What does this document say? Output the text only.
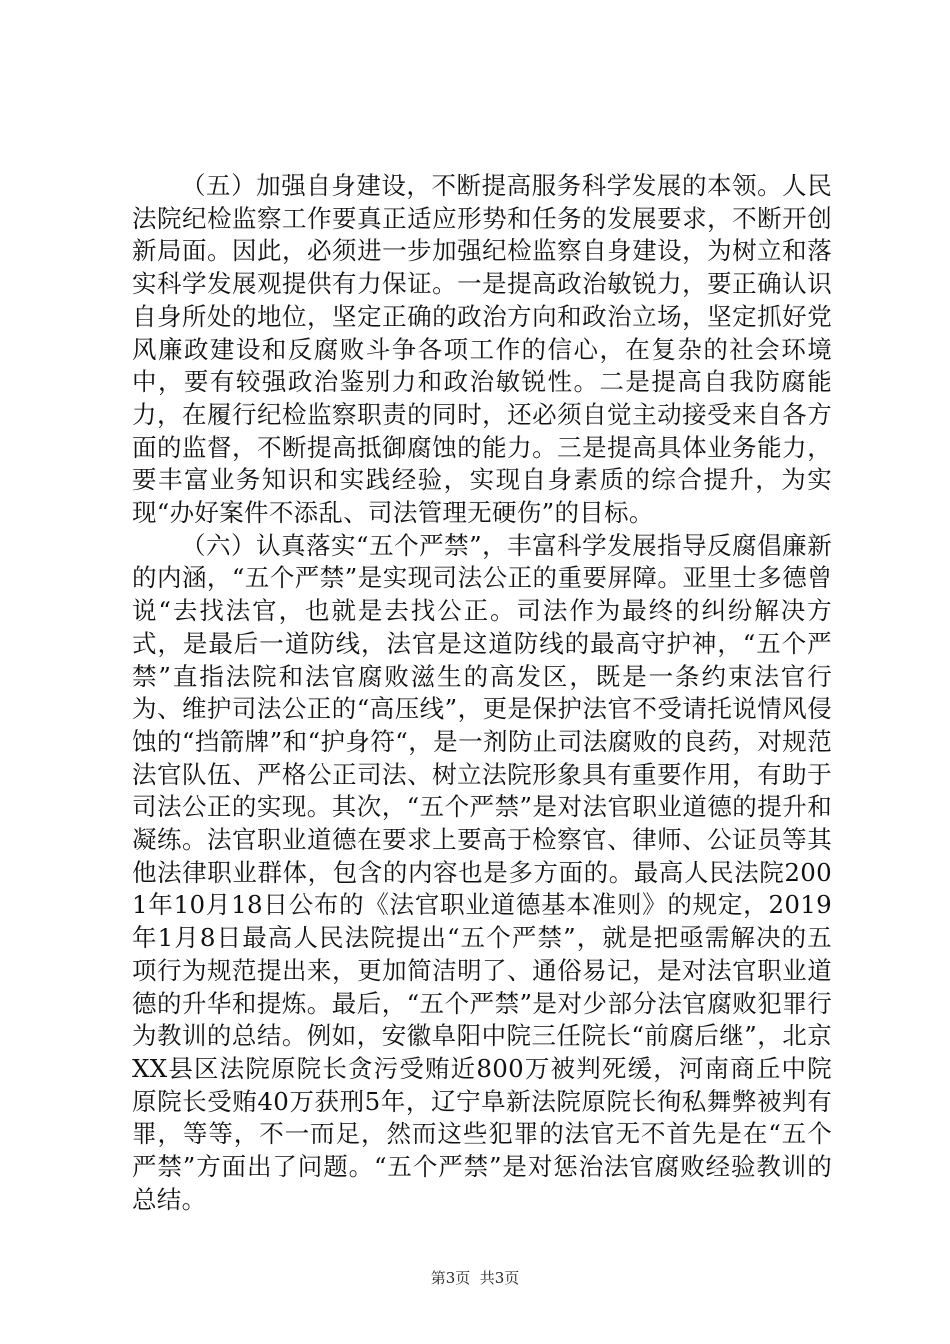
（五）加强自身建设，不断提高服务科学发展的本领。人民法院纪检监察工作要真正适应形势和任务的发展要求，不断开创新局面。因此，必须进一步加强纪检监察自身建设，为树立和落实科学发展观提供有力保证。一是提高政治敏锐力，要正确认识自身所处的地位，坚定正确的政治方向和政治立场，坚定抓好党风廉政建设和反腐败斗争各项工作的信心，在复杂的社会环境中，要有较强政治鉴别力和政治敏锐性。二是提高自我防腐能力，在履行纪检监察职责的同时，还必须自觉主动接受来自各方面的监督，不断提高抵御腐蚀的能力。三是提高具体业务能力，要丰富业务知识和实践经验，实现自身素质的综合提升，为实现“办好案件不添乱、司法管理无硬伤”的目标。

（六）认真落实“五个严禁”，丰富科学发展指导反腐倡廉新的内涵，“五个严禁”是实现司法公正的重要屏障。亚里士多德曾说“去找法官，也就是去找公正。司法作为最终的纠纷解决方式，是最后一道防线，法官是这道防线的最高守护神，“五个严禁”直指法院和法官腐败滋生的高发区，既是一条约束法官行为、维护司法公正的“高压线”，更是保护法官不受请托说情风侵蚀的“挡箭牌”和“护身符“，是一剂防止司法腐败的良药，对规范法官队伍、严格公正司法、树立法院形象具有重要作用，有助于司法公正的实现。其次，“五个严禁”是对法官职业道德的提升和凝练。法官职业道德在要求上要高于检察官、律师、公证员等其他法律职业群体，包含的内容也是多方面的。最高人民法院2001年10月18日公布的《法官职业道德基本准则》的规定，2019年1月8日最高人民法院提出“五个严禁”，就是把亟需解决的五项行为规范提出来，更加简洁明了、通俗易记，是对法官职业道德的升华和提炼。最后，“五个严禁”是对少部分法官腐败犯罪行为教训的总结。例如，安徽阜阳中院三任院长“前腐后继”，北京XX县区法院原院长贪污受贿近800万被判死缓，河南商丘中院原院长受贿40万获刑5年，辽宁阜新法院原院长徇私舞弊被判有罪，等等，不一而足，然而这些犯罪的法官无不首先是在“五个严禁”方面出了问题。“五个严禁”是对惩治法官腐败经验教训的总结。

第3页  共3页
